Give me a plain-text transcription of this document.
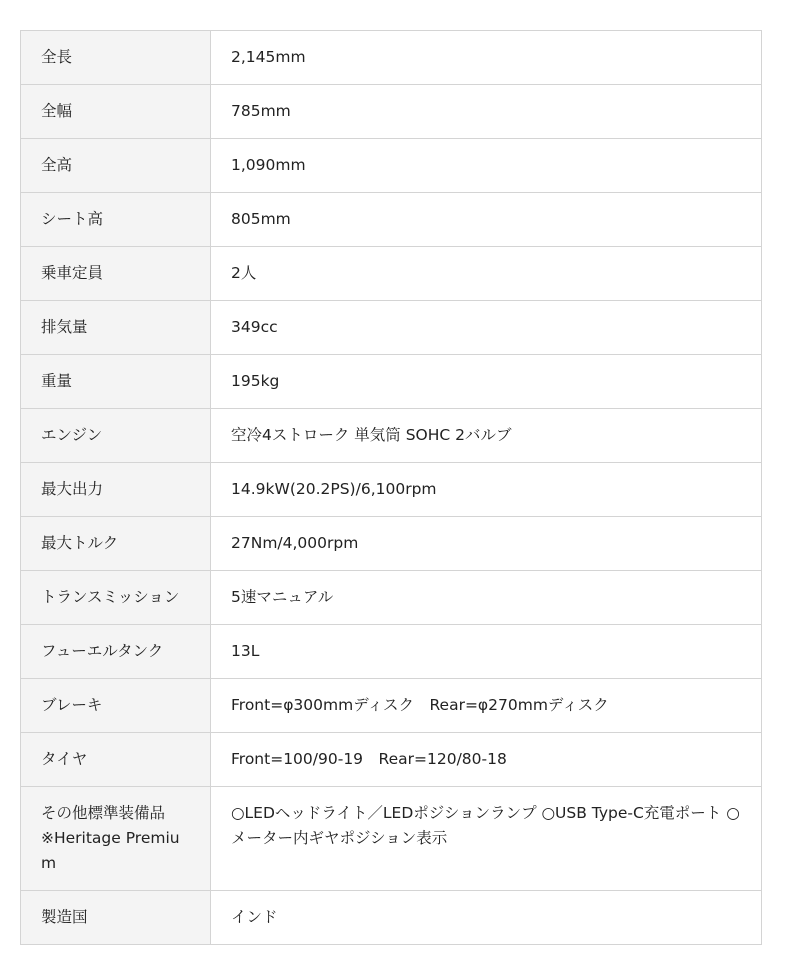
全長	2,145mm
全幅	785mm
全高	1,090mm
シート高	805mm
乗車定員	2人
排気量	349cc
重量	195kg
エンジン	空冷4ストローク 単気筒 SOHC 2バルブ
最大出力	14.9kW(20.2PS)/6,100rpm
最大トルク	27Nm/4,000rpm
トランスミッション	5速マニュアル
フューエルタンク	13L
ブレーキ	Front=φ300mmディスク　Rear=φ270mmディスク
タイヤ	Front=100/90-19　Rear=120/80-18

その他標準装備品
※Heritage Premium	○LEDヘッドライト／LEDポジションランプ ○USB Type-C充電ポート ○メーター内ギヤポジション表示
製造国	インド
